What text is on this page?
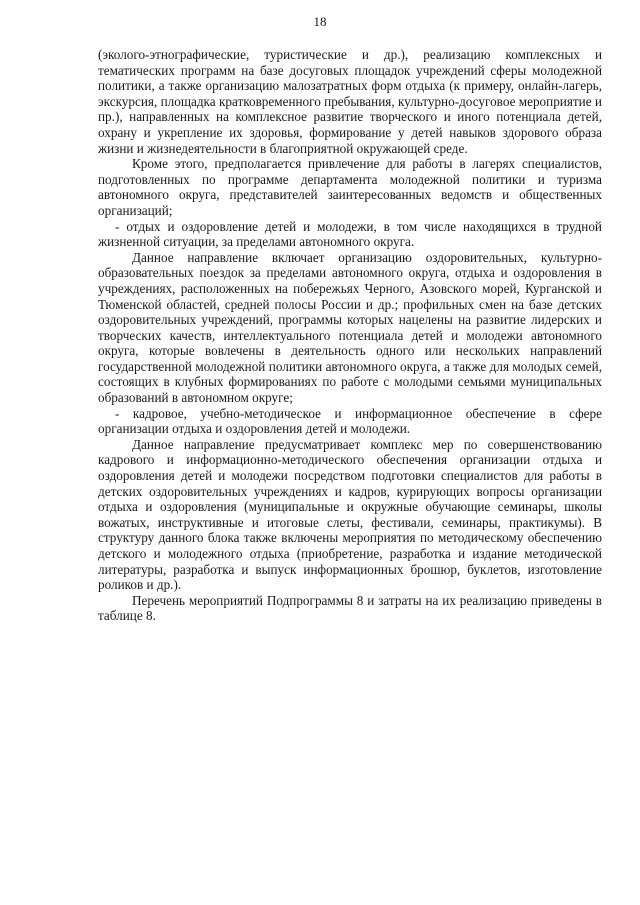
18

(эколого-этнографические, туристические и др.), реализацию комплексных и тематических программ на базе досуговых площадок учреждений сферы молодежной политики, а также организацию малозатратных форм отдыха (к примеру, онлайн-лагерь, экскурсия, площадка кратковременного пребывания, культурно-досуговое мероприятие и пр.), направленных на комплексное развитие творческого и иного потенциала детей, охрану и укрепление их здоровья, формирование у детей навыков здорового образа жизни и жизнедеятельности в благоприятной окружающей среде.

Кроме этого, предполагается привлечение для работы в лагерях специалистов, подготовленных по программе департамента молодежной политики и туризма автономного округа, представителей заинтересованных ведомств и общественных организаций;

- отдых и оздоровление детей и молодежи, в том числе находящихся в трудной жизненной ситуации, за пределами автономного округа.

Данное направление включает организацию оздоровительных, культурно-образовательных поездок за пределами автономного округа, отдыха и оздоровления в учреждениях, расположенных на побережьях Черного, Азовского морей, Курганской и Тюменской областей, средней полосы России и др.; профильных смен на базе детских оздоровительных учреждений, программы которых нацелены на развитие лидерских и творческих качеств, интеллектуального потенциала детей и молодежи автономного округа, которые вовлечены в деятельность одного или нескольких направлений государственной молодежной политики автономного округа, а также для молодых семей, состоящих в клубных формированиях по работе с молодыми семьями муниципальных образований в автономном округе;

- кадровое, учебно-методическое и информационное обеспечение в сфере организации отдыха и оздоровления детей и молодежи.

Данное направление предусматривает комплекс мер по совершенствованию кадрового и информационно-методического обеспечения организации отдыха и оздоровления детей и молодежи посредством подготовки специалистов для работы в детских оздоровительных учреждениях и кадров, курирующих вопросы организации отдыха и оздоровления (муниципальные и окружные обучающие семинары, школы вожатых, инструктивные и итоговые слеты, фестивали, семинары, практикумы). В структуру данного блока также включены мероприятия по методическому обеспечению детского и молодежного отдыха (приобретение, разработка и издание методической литературы, разработка и выпуск информационных брошюр, буклетов, изготовление роликов и др.).

Перечень мероприятий Подпрограммы 8 и затраты на их реализацию приведены в таблице 8.
